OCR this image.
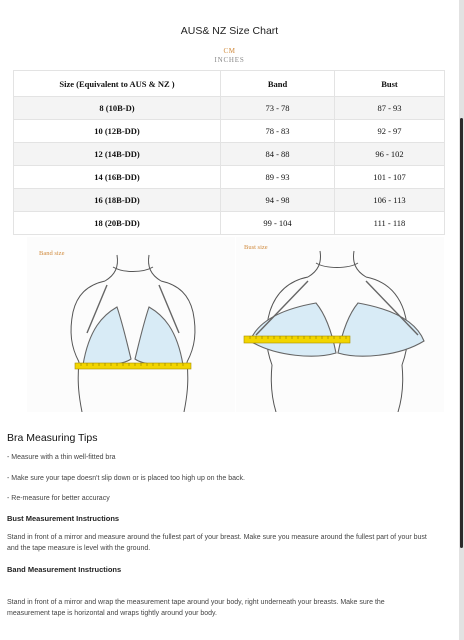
AUS& NZ Size Chart
CM
INCHES
Size (Equivalent to AUS & NZ )	Band	Bust
8 (10B-D)	73 - 78	87 - 93
10 (12B-DD)	78 - 83	92 - 97
12 (14B-DD)	84 - 88	96 - 102
14 (16B-DD)	89 - 93	101 - 107
16 (18B-DD)	94 - 98	106 - 113
18 (20B-DD)	99 - 104	111 - 118
Band size
Bust size
Bra Measuring Tips
- Measure with a thin well-fitted bra
- Make sure your tape doesn't slip down or is placed too high up on the back.
- Re-measure for better accuracy
Bust Measurement Instructions
Stand in front of a mirror and measure around the fullest part of your breast. Make sure you measure around the fullest part of your bust and the tape measure is level with the ground.
Band Measurement Instructions
Stand in front of a mirror and wrap the measurement tape around your body, right underneath your breasts. Make sure the measurement tape is horizontal and wraps tightly around your body.
